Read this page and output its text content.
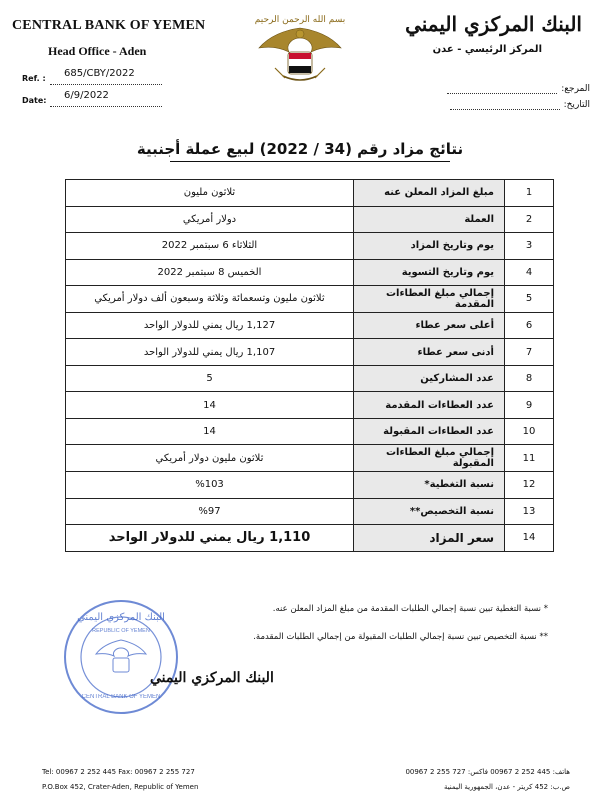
CENTRAL BANK OF YEMEN
Head Office - Aden
Ref. : 685/CBY/2022
Date: 6/9/2022
بسم الله الرحمن الرحيم	البنك المركزي اليمني
المركز الرئيسي - عدن
المرجع:
التاريخ:
نتائج مزاد رقم (34 / 2022) لبيع عملة أجنبية
ثلاثون مليون	مبلغ المزاد المعلن عنه	1
دولار أمريكي	العملة	2
الثلاثاء 6 سبتمبر 2022	يوم وتاريخ المزاد	3
الخميس 8 سبتمبر 2022	يوم وتاريخ التسوية	4
ثلاثون مليون وتسعمائة وثلاثة وسبعون ألف دولار أمريكي	إجمالي مبلغ العطاءات المقدمة	5
1,127 ريال يمني للدولار الواحد	أعلى سعر عطاء	6
1,107 ريال يمني للدولار الواحد	أدنى سعر عطاء	7
5	عدد المشاركين	8
14	عدد العطاءات المقدمة	9
14	عدد العطاءات المقبولة	10
ثلاثون مليون دولار أمريكي	إجمالي مبلغ العطاءات المقبولة	11
%103	نسبة التغطية*	12
%97	نسبة التخصيص**	13
1,110 ريال يمني للدولار الواحد	سعر المزاد	14
* نسبة التغطية تبين نسبة إجمالي الطلبات المقدمة من مبلغ المزاد المعلن عنه.
** نسبة التخصيص تبين نسبة إجمالي الطلبات المقبولة من إجمالي الطلبات المقدمة.
البنك المركزي اليمني
REPUBLIC OF YEMEN
CENTRAL BANK OF YEMEN
البنك المركزي اليمني
Tel: 00967 2 252 445 Fax: 00967 2 255 727
P.O.Box 452, Crater-Aden, Republic of Yemen
هاتف: 445 252 2 00967 فاكس: 727 255 2 00967
ص.ب: 452 كريتر - عدن، الجمهورية اليمنية
